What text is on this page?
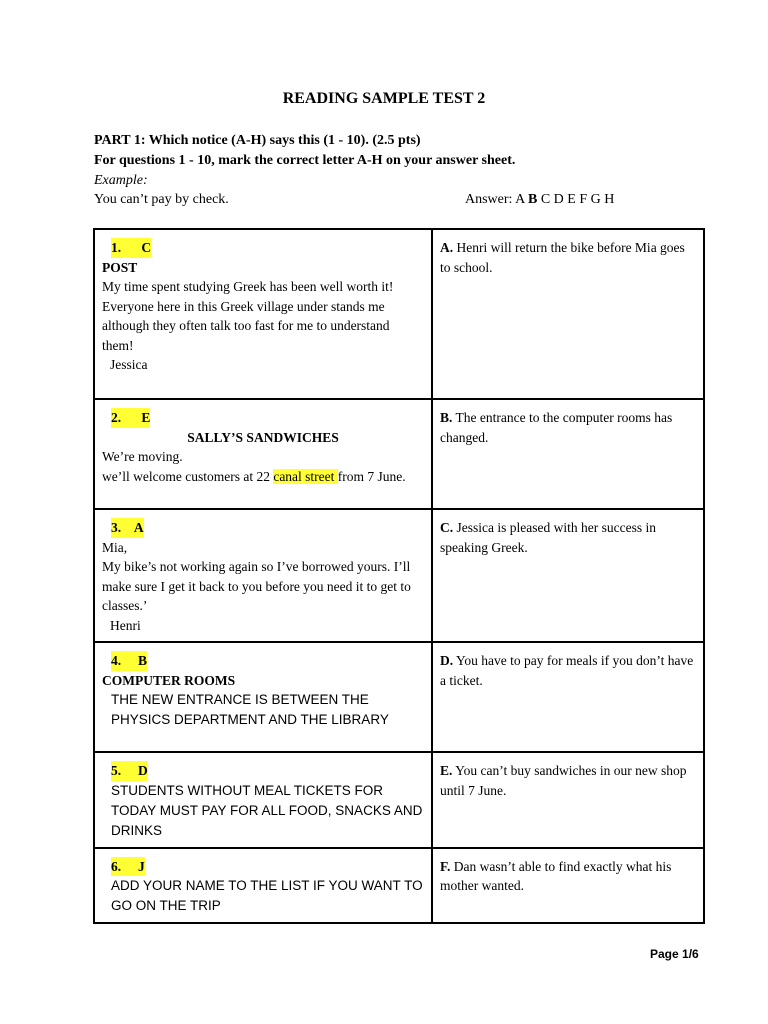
READING SAMPLE TEST 2
PART 1: Which notice (A-H) says this (1 - 10). (2.5 pts)
For questions 1 - 10, mark the correct letter A-H on your answer sheet.
Example:
You can’t pay by check.	Answer: A B C D E F G H
1.      C
POST
My time spent studying Greek has been well worth it!
Everyone here in this Greek village under stands me although they often talk too fast for me to understand them!
Jessica	A. Henri will return the bike before Mia goes to school.

2.      E
SALLY’S SANDWICHES
We’re moving.
we’ll welcome customers at 22 canal street from 7 June.	B. The entrance to the computer rooms has changed.

3.    A
Mia,
My bike’s not working again so I’ve borrowed yours. I’ll make sure I get it back to you before you need it to get to classes.’
Henri	C. Jessica is pleased with her success in speaking Greek.

4.     B
COMPUTER ROOMS
THE NEW ENTRANCE IS BETWEEN THE PHYSICS DEPARTMENT AND THE LIBRARY	D. You have to pay for meals if you don’t have a ticket.

5.     D
STUDENTS WITHOUT MEAL TICKETS FOR TODAY MUST PAY FOR ALL FOOD, SNACKS AND DRINKS	E. You can’t buy sandwiches in our new shop until 7 June.

6.     J
ADD YOUR NAME TO THE LIST IF YOU WANT TO GO ON THE TRIP	F. Dan wasn’t able to find exactly what his mother wanted.
Page 1/6
